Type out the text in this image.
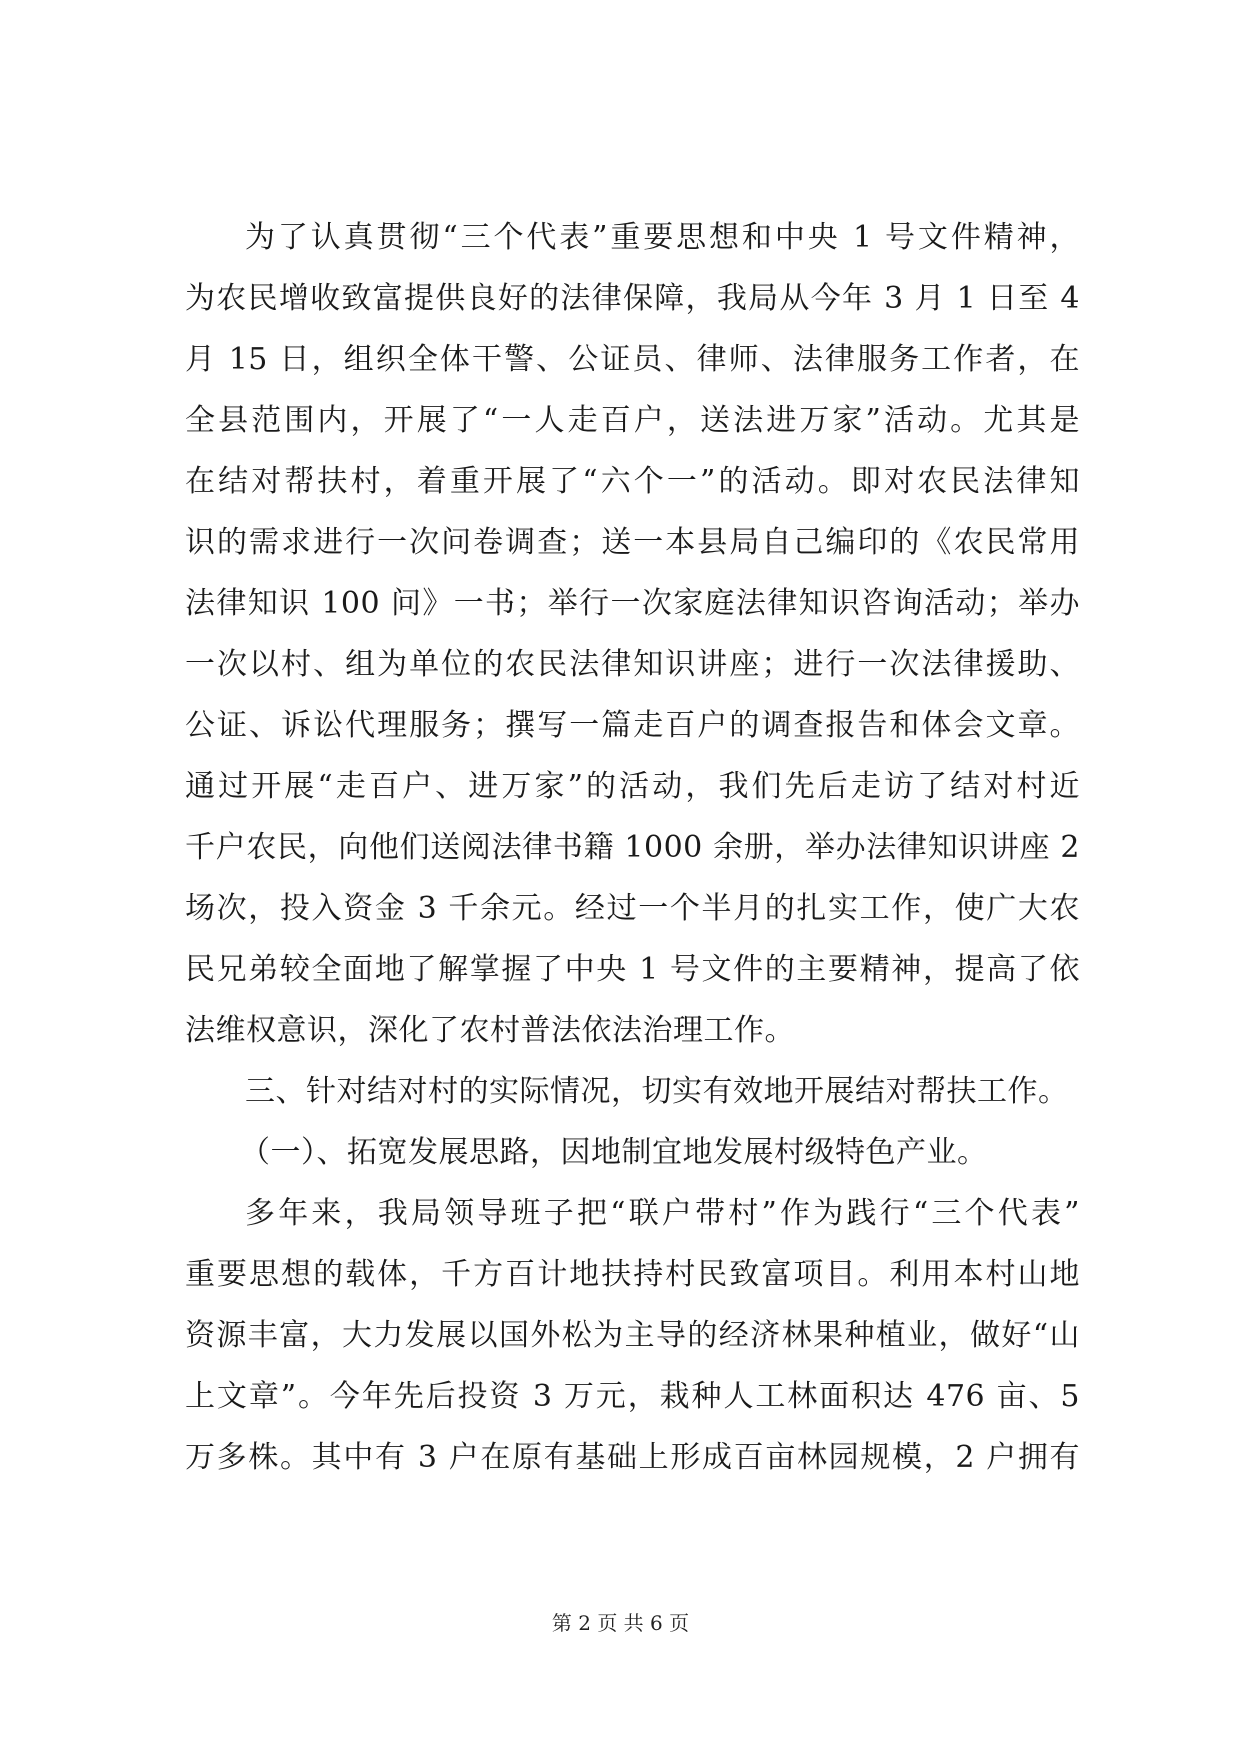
为了认真贯彻“三个代表”重要思想和中央 1 号文件精神，
为农民增收致富提供良好的法律保障，我局从今年 3 月 1 日至 4
月 15 日，组织全体干警、公证员、律师、法律服务工作者，在
全县范围内，开展了“一人走百户，送法进万家”活动。尤其是
在结对帮扶村，着重开展了“六个一”的活动。即对农民法律知
识的需求进行一次问卷调查；送一本县局自己编印的《农民常用
法律知识 100 问》一书；举行一次家庭法律知识咨询活动；举办
一次以村、组为单位的农民法律知识讲座；进行一次法律援助、
公证、诉讼代理服务；撰写一篇走百户的调查报告和体会文章。
通过开展“走百户、进万家”的活动，我们先后走访了结对村近
千户农民，向他们送阅法律书籍 1000 余册，举办法律知识讲座 2
场次，投入资金 3 千余元。经过一个半月的扎实工作，使广大农
民兄弟较全面地了解掌握了中央 1 号文件的主要精神，提高了依
法维权意识，深化了农村普法依法治理工作。
三、针对结对村的实际情况，切实有效地开展结对帮扶工作。
（一）、拓宽发展思路，因地制宜地发展村级特色产业。
多年来，我局领导班子把“联户带村”作为践行“三个代表”
重要思想的载体，千方百计地扶持村民致富项目。利用本村山地
资源丰富，大力发展以国外松为主导的经济林果种植业，做好“山
上文章”。今年先后投资 3 万元，栽种人工林面积达 476 亩、5
万多株。其中有 3 户在原有基础上形成百亩林园规模，2 户拥有
第 2 页 共 6 页
